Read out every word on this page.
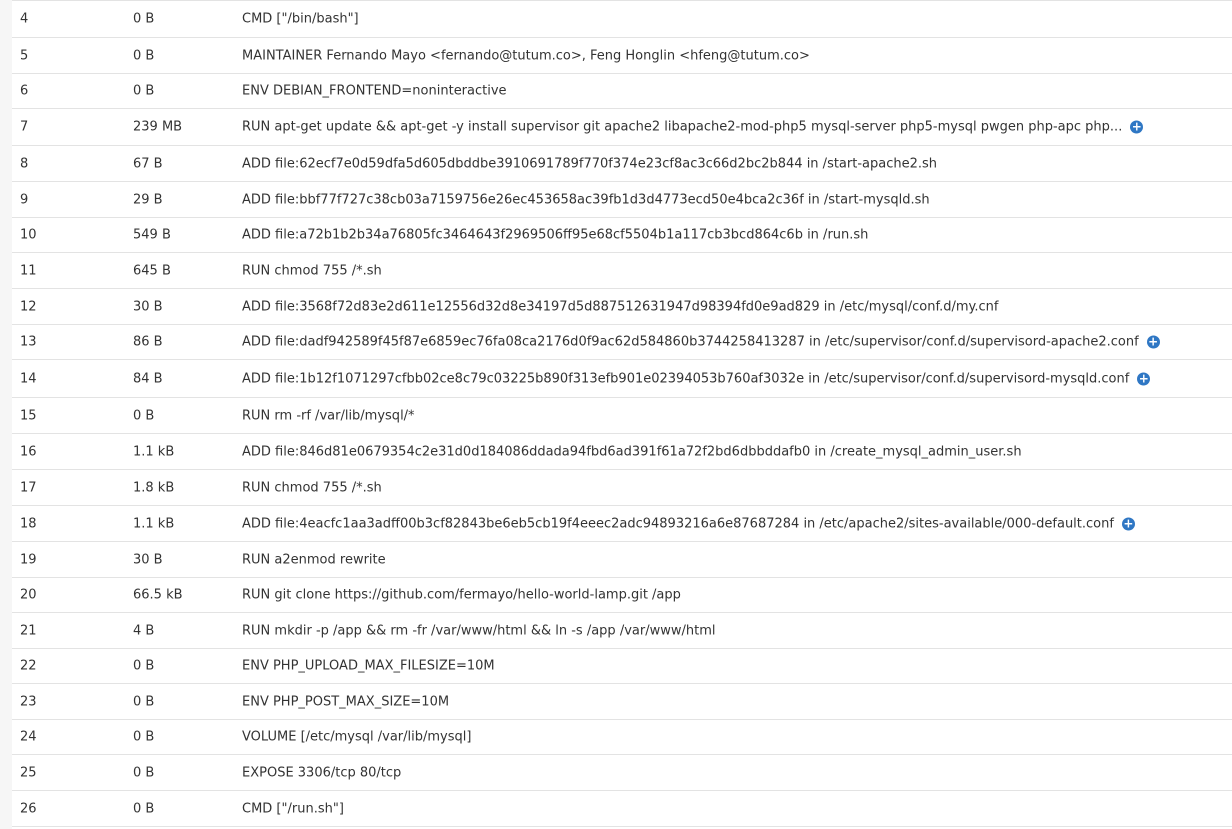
4	0 B	CMD ["/bin/bash"]
5	0 B	MAINTAINER Fernando Mayo <fernando@tutum.co>, Feng Honglin <hfeng@tutum.co>
6	0 B	ENV DEBIAN_FRONTEND=noninteractive
7	239 MB	RUN apt-get update && apt-get -y install supervisor git apache2 libapache2-mod-php5 mysql-server php5-mysql pwgen php-apc php... +
8	67 B	ADD file:62ecf7e0d59dfa5d605dbddbe3910691789f770f374e23cf8ac3c66d2bc2b844 in /start-apache2.sh
9	29 B	ADD file:bbf77f727c38cb03a7159756e26ec453658ac39fb1d3d4773ecd50e4bca2c36f in /start-mysqld.sh
10	549 B	ADD file:a72b1b2b34a76805fc3464643f2969506ff95e68cf5504b1a117cb3bcd864c6b in /run.sh
11	645 B	RUN chmod 755 /*.sh
12	30 B	ADD file:3568f72d83e2d611e12556d32d8e34197d5d887512631947d98394fd0e9ad829 in /etc/mysql/conf.d/my.cnf
13	86 B	ADD file:dadf942589f45f87e6859ec76fa08ca2176d0f9ac62d584860b3744258413287 in /etc/supervisor/conf.d/supervisord-apache2.conf +
14	84 B	ADD file:1b12f1071297cfbb02ce8c79c03225b890f313efb901e02394053b760af3032e in /etc/supervisor/conf.d/supervisord-mysqld.conf +
15	0 B	RUN rm -rf /var/lib/mysql/*
16	1.1 kB	ADD file:846d81e0679354c2e31d0d184086ddada94fbd6ad391f61a72f2bd6dbbddafb0 in /create_mysql_admin_user.sh
17	1.8 kB	RUN chmod 755 /*.sh
18	1.1 kB	ADD file:4eacfc1aa3adff00b3cf82843be6eb5cb19f4eeec2adc94893216a6e87687284 in /etc/apache2/sites-available/000-default.conf +
19	30 B	RUN a2enmod rewrite
20	66.5 kB	RUN git clone https://github.com/fermayo/hello-world-lamp.git /app
21	4 B	RUN mkdir -p /app && rm -fr /var/www/html && ln -s /app /var/www/html
22	0 B	ENV PHP_UPLOAD_MAX_FILESIZE=10M
23	0 B	ENV PHP_POST_MAX_SIZE=10M
24	0 B	VOLUME [/etc/mysql /var/lib/mysql]
25	0 B	EXPOSE 3306/tcp 80/tcp
26	0 B	CMD ["/run.sh"]
